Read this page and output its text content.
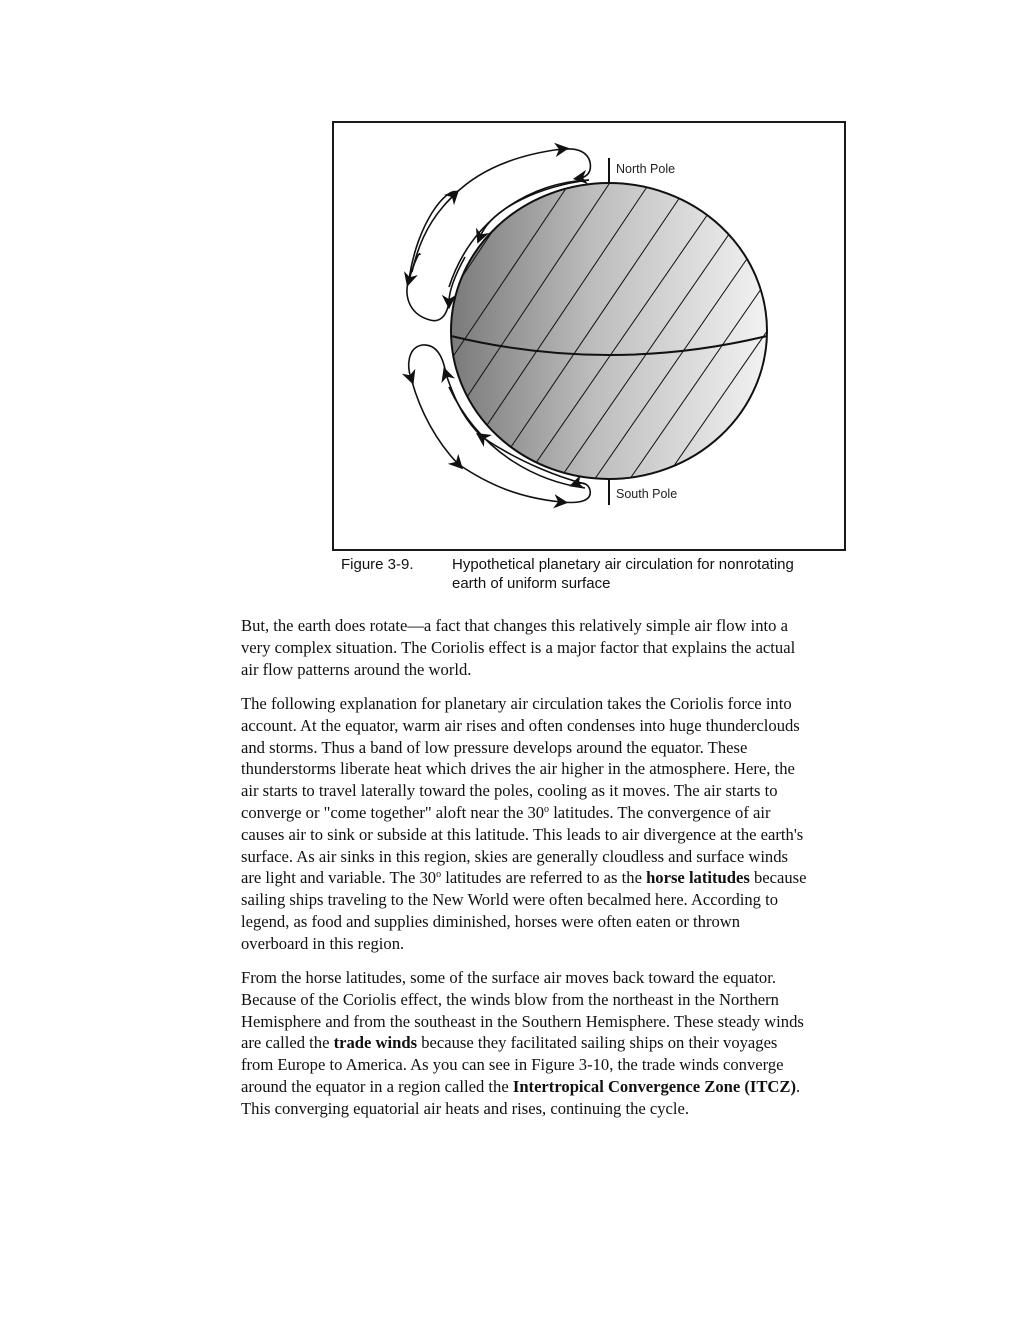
North Pole
South Pole
Figure 3-9.	Hypothetical planetary air circulation for nonrotating
earth of uniform surface

But, the earth does rotate—a fact that changes this relatively simple air flow into a

very complex situation. The Coriolis effect is a major factor that explains the actual

air flow patterns around the world.

The following explanation for planetary air circulation takes the Coriolis force into

account. At the equator, warm air rises and often condenses into huge thunderclouds

and storms. Thus a band of low pressure develops around the equator. These

thunderstorms liberate heat which drives the air higher in the atmosphere. Here, the

air starts to travel laterally toward the poles, cooling as it moves. The air starts to

converge or "come together" aloft near the 30$^o$ latitudes. The convergence of air

causes air to sink or subside at this latitude. This leads to air divergence at the earth's

surface. As air sinks in this region, skies are generally cloudless and surface winds

are light and variable. The 30$^o$ latitudes are referred to as the horse latitudes because

sailing ships traveling to the New World were often becalmed here. According to

legend, as food and supplies diminished, horses were often eaten or thrown

overboard in this region.

From the horse latitudes, some of the surface air moves back toward the equator.

Because of the Coriolis effect, the winds blow from the northeast in the Northern

Hemisphere and from the southeast in the Southern Hemisphere. These steady winds

are called the trade winds because they facilitated sailing ships on their voyages

from Europe to America. As you can see in Figure 3-10, the trade winds converge

around the equator in a region called the Intertropical Convergence Zone (ITCZ).

This converging equatorial air heats and rises, continuing the cycle.
